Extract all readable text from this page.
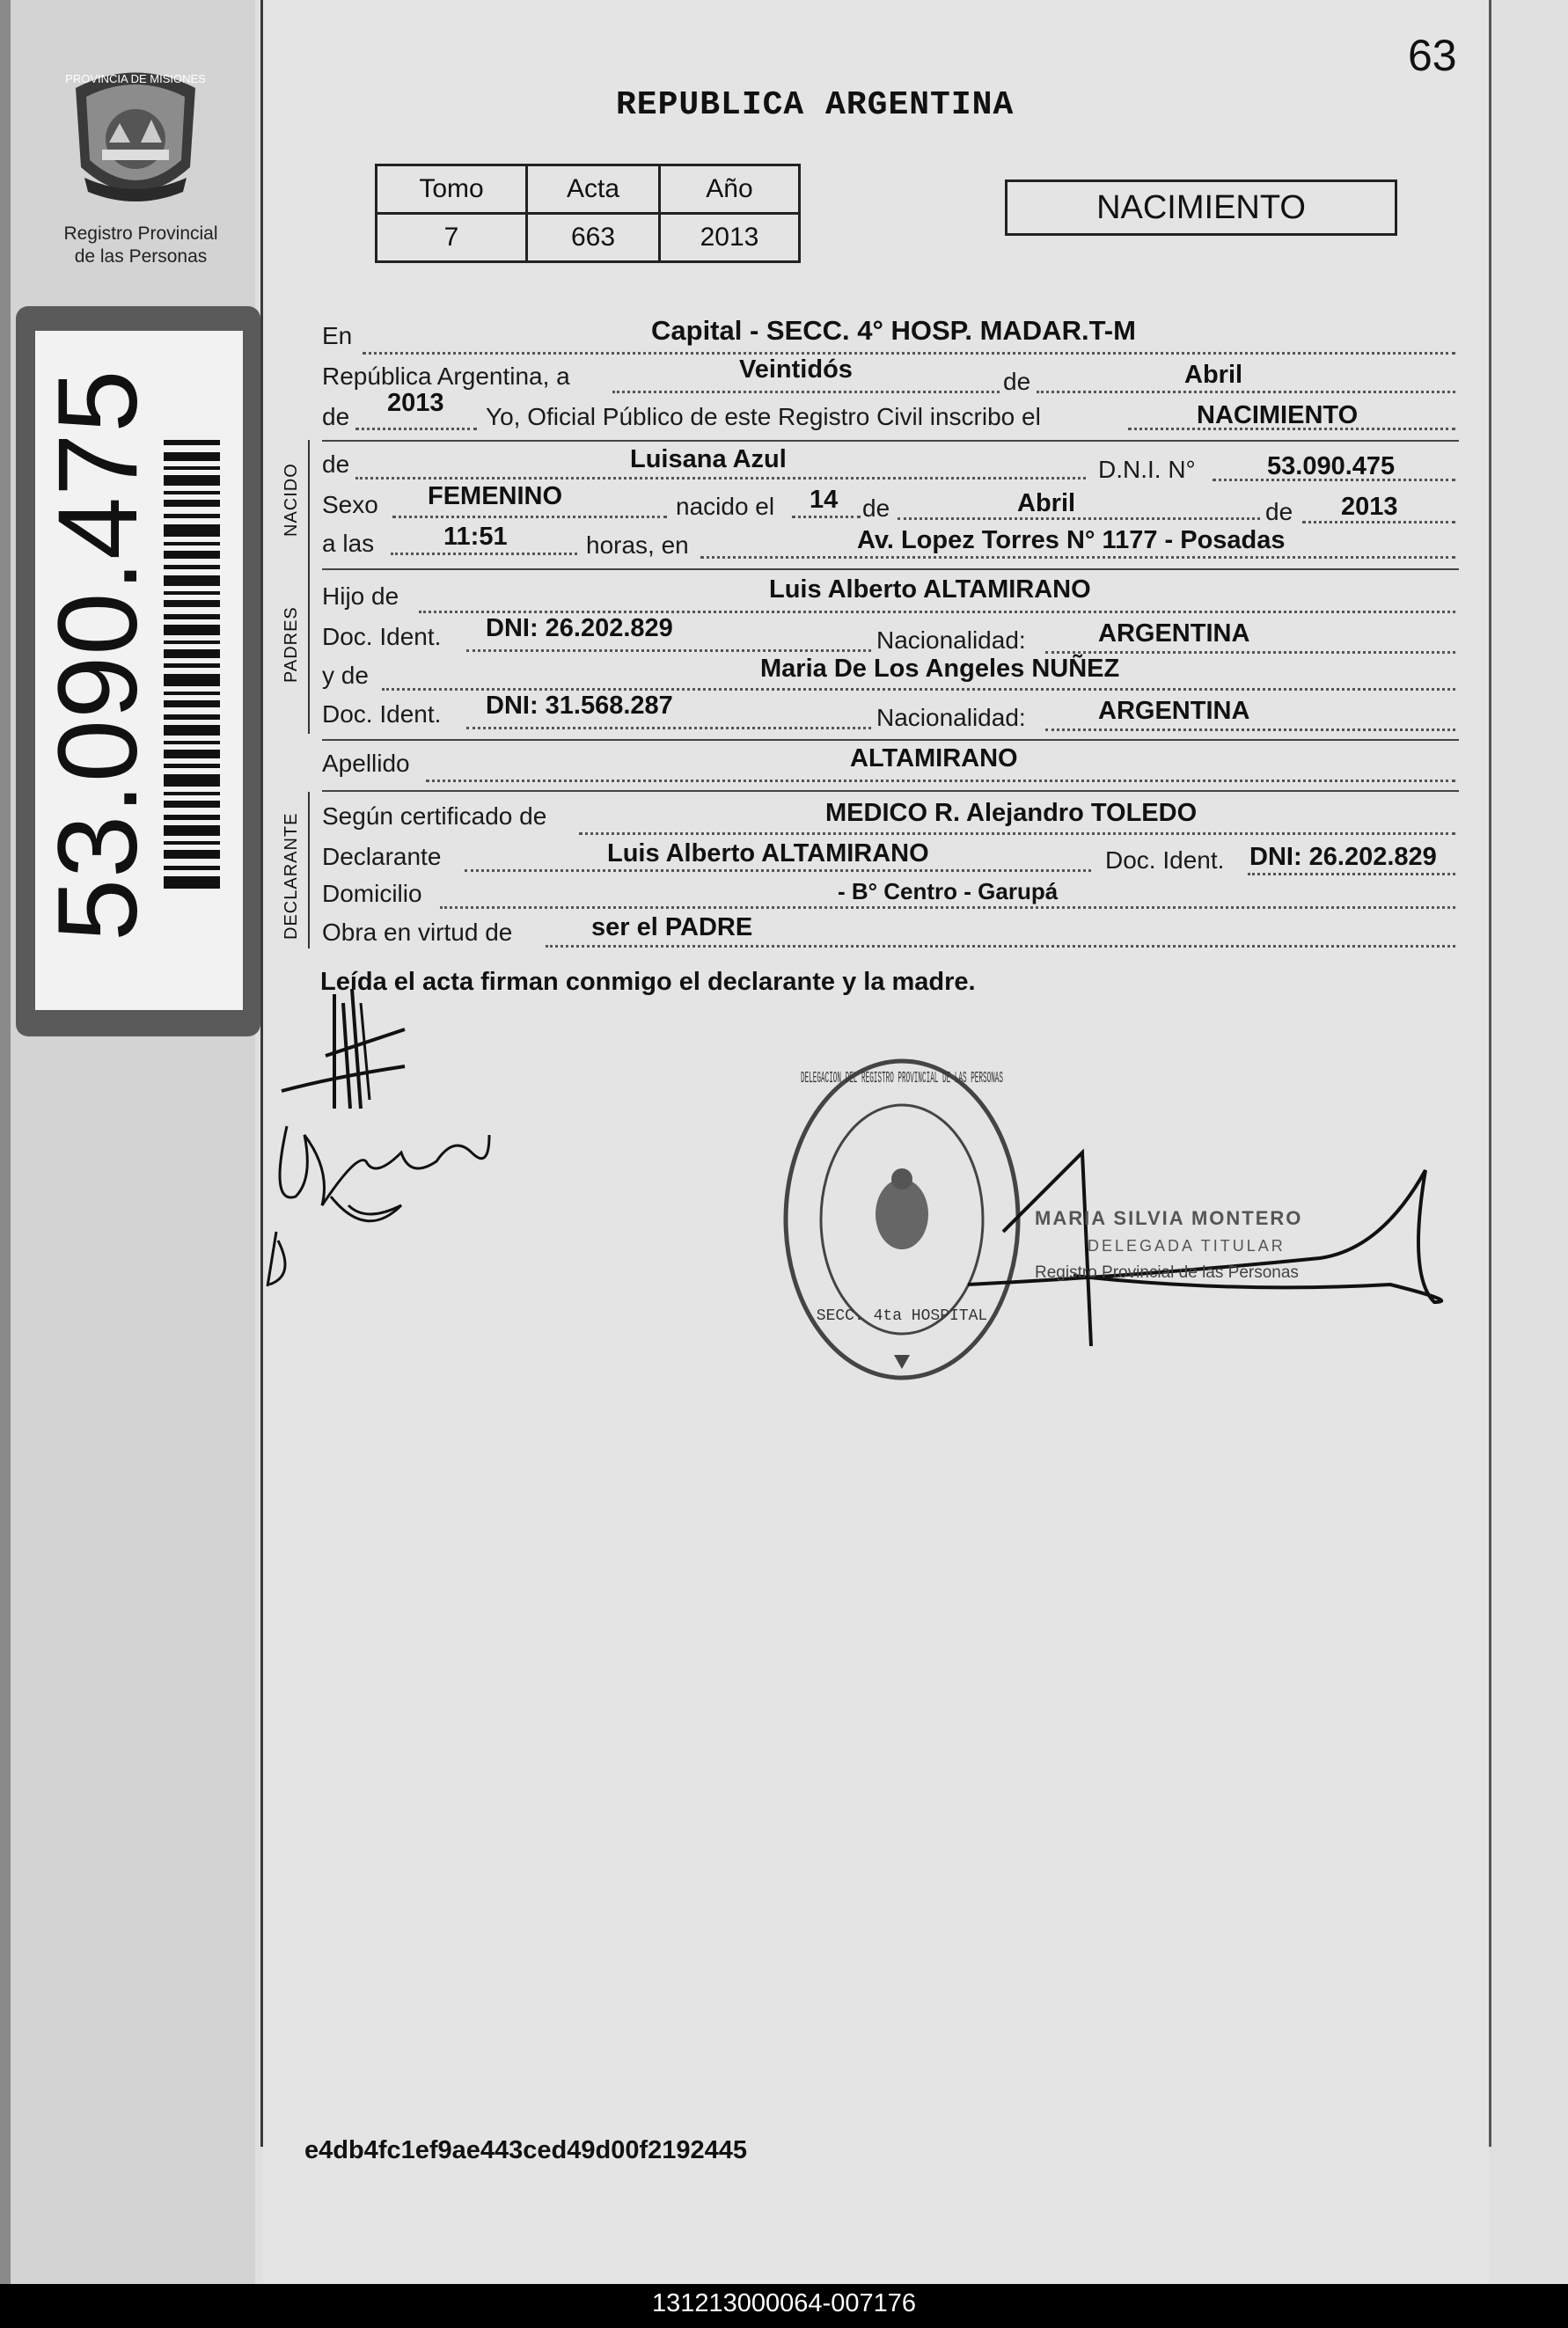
PROVINCIA DE MISIONES
Registro Provincial
de las Personas
53.090.475
63
REPUBLICA ARGENTINA
Tomo	Acta	Año
7	663	2013
NACIMIENTO
En	Capital - SECC. 4° HOSP. MADAR.T-M
República Argentina, a	Veintidós	de	Abril
de 2013 Yo, Oficial Público de este Registro Civil inscribo el	NACIMIENTO
NACIDO de	Luisana Azul	D.N.I. N°	53.090.475
Sexo FEMENINO	nacido el 14 de	Abril	de 2013
a las	11:51	horas, en	Av. Lopez Torres N° 1177 - Posadas
PADRES
Hijo de	Luis Alberto ALTAMIRANO
Doc. Ident. DNI: 26.202.829	Nacionalidad:	ARGENTINA
y de	Maria De Los Angeles NUÑEZ
Doc. Ident. DNI: 31.568.287	Nacionalidad:	ARGENTINA
Apellido	ALTAMIRANO
DECLARANTE Según certificado de	MEDICO R. Alejandro TOLEDO
Declarante	Luis Alberto ALTAMIRANO	Doc. Ident. DNI: 26.202.829
Domicilio	- B° Centro - Garupá
Obra en virtud de	ser el PADRE
Leída el acta firman conmigo el declarante y la madre.
DELEGACION DEL REGISTRO PROVINCIAL DE LAS PERSONAS
SECC. 4ta HOSPITAL
MARIA SILVIA MONTERO
DELEGADA TITULAR
Registro Provincial de las Personas
e4db4fc1ef9ae443ced49d00f2192445
131213000064-007176
